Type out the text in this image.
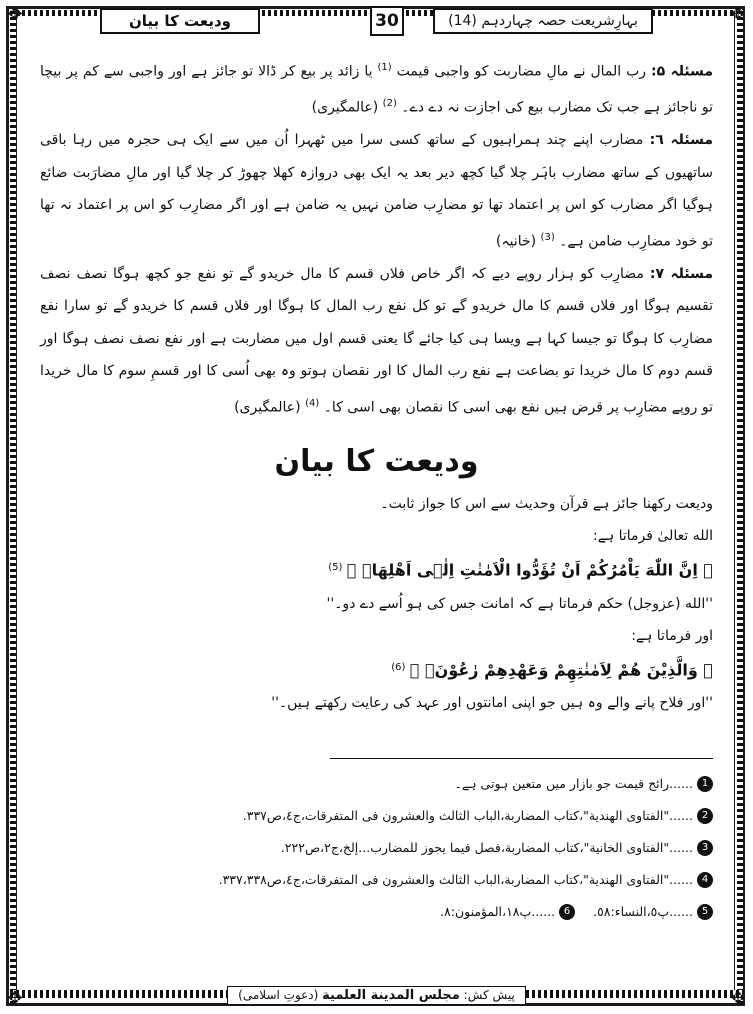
✥	✥
✥	✥
بہارِشریعت حصہ چہاردہم (14)
30
ودیعت کا بیان

مسئلہ ۵: رب المال نے مالِ مضاربت کو واجبی قیمت $^{(1)}$ یا زائد پر بیع کر ڈالا تو جائز ہے اور واجبی سے کم پر بیچا تو ناجائز ہے جب تک مضارب بیع کی اجازت نہ دے دے۔ $^{(2)}$ (عالمگیری)

مسئلہ ٦: مضارب اپنے چند ہمراہیوں کے ساتھ کسی سرا میں ٹھہرا اُن میں سے ایک ہی حجرہ میں رہا باقی ساتھیوں کے ساتھ مضارب باہَر چلا گیا کچھ دیر بعد یہ ایک بھی دروازہ کھلا چھوڑ کر چلا گیا اور مالِ مضارَبت ضائع ہوگیا اگر مضارب کو اس پر اعتماد تھا تو مضارِب ضامن نہیں یہ ضامن ہے اور اگر مضارِب کو اس پر اعتماد نہ تھا تو خود مضارِب ضامن ہے۔ $^{(3)}$ (خانیہ)

مسئلہ ۷: مضارِب کو ہزار روپے دیے کہ اگر خاص فلاں قسم کا مال خریدو گے تو نفع جو کچھ ہوگا نصف نصف تقسیم ہوگا اور فلاں قسم کا مال خریدو گے تو کل نفع رب المال کا ہوگا اور فلاں قسم کا خریدو گے تو سارا نفع مضارِب کا ہوگا تو جیسا کہا ہے ویسا ہی کیا جائے گا یعنی قسم اول میں مضاربت ہے اور نفع نصف نصف ہوگا اور قسم دوم کا مال خریدا تو بضاعت ہے نفع رب المال کا اور نقصان ہوتو وہ بھی اُسی کا اور قسمِ سوم کا مال خریدا تو روپے مضارِب پر قرض ہیں نفع بھی اسی کا نقصان بھی اسی کا۔ $^{(4)}$ (عالمگیری)

ودیعت کا بیان

ودیعت رکھنا جائز ہے قرآن وحدیث سے اس کا جواز ثابت۔

الله تعالیٰ فرماتا ہے:

﴿ اِنَّ اللّٰهَ یَاْمُرُكُمْ اَنْ تُؤَدُّوا الْاَمٰنٰتِ اِلٰۤى اَهْلِهَاۙ ﴾ $^{(5)}$

''الله (عزوجل) حکم فرماتا ہے کہ امانت جس کی ہو اُسے دے دو۔''

اور فرماتا ہے:

﴿ وَالَّذِیْنَ هُمْ لِاَمٰنٰتِهِمْ وَعَهْدِهِمْ رٰعُوْنَۙ ﴾ $^{(6)}$

''اور فلاح پانے والے وہ ہیں جو اپنی امانتوں اور عہد کی رعایت رکھتے ہیں۔''

1
......رائج قیمت جو بازار میں متعین ہوتی ہے۔

2
......"الفتاوی الھندیة"،کتاب المضاربة،الباب الثالث والعشرون فی المتفرقات،ج٤،ص٣٣٧.

3
......"الفتاوی الخانیة"،کتاب المضاربة،فصل فیما یجوز للمضارب...إلخ،ج٢،ص٢٢٢.

4
......"الفتاوی الھندیة"،کتاب المضاربة،الباب الثالث والعشرون فی المتفرقات،ج٤،ص٣٣٧،٣٣٨.

5
......پ٥،النساء:٥٨.
6
......پ١٨،المؤمنون:٨.
پیش کش: مجلس المدینة العلمیة (دعوتِ اسلامی)
